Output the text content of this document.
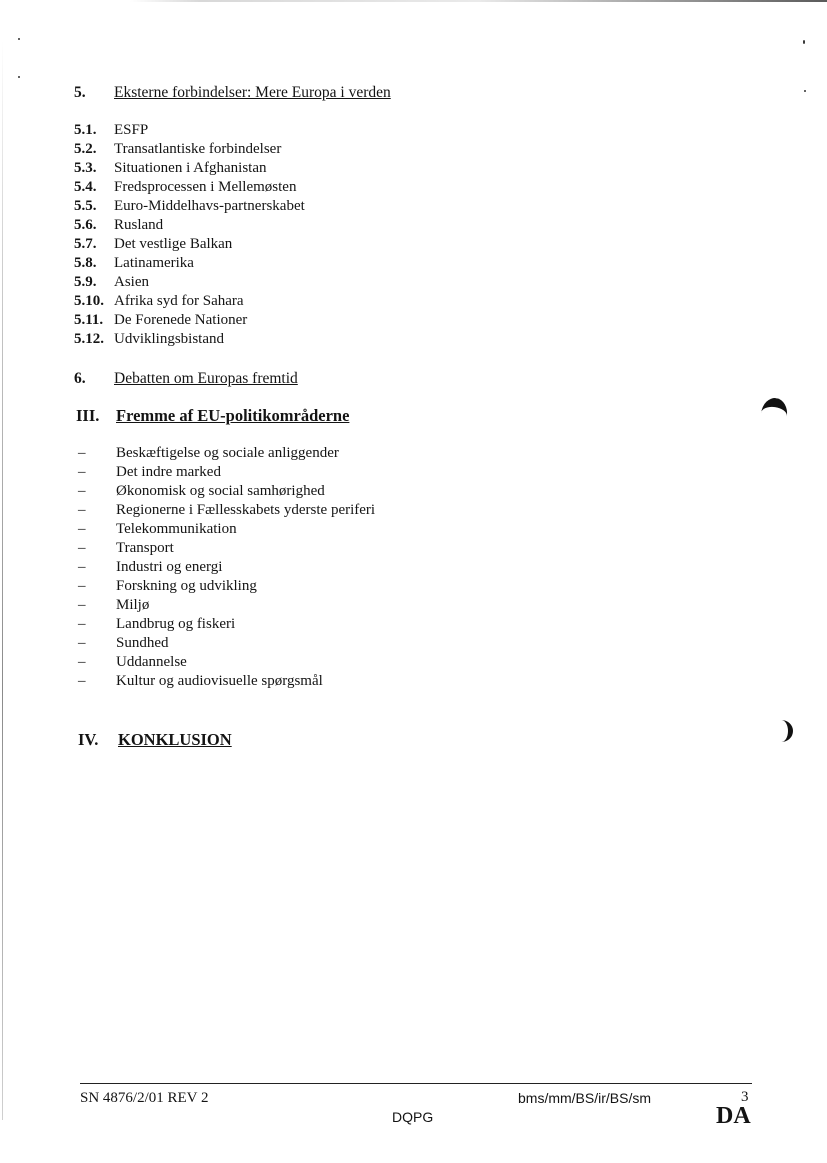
5. Eksterne forbindelser: Mere Europa i verden
5.1. ESFP
5.2. Transatlantiske forbindelser
5.3. Situationen i Afghanistan
5.4. Fredsprocessen i Mellemøsten
5.5. Euro-Middelhavs-partnerskabet
5.6. Rusland
5.7. Det vestlige Balkan
5.8. Latinamerika
5.9. Asien
5.10. Afrika syd for Sahara
5.11. De Forenede Nationer
5.12. Udviklingsbistand
6. Debatten om Europas fremtid
III. Fremme af EU-politikområderne
– Beskæftigelse og sociale anliggender
– Det indre marked
– Økonomisk og social samhørighed
– Regionerne i Fællesskabets yderste periferi
– Telekommunikation
– Transport
– Industri og energi
– Forskning og udvikling
– Miljø
– Landbrug og fiskeri
– Sundhed
– Uddannelse
– Kultur og audiovisuelle spørgsmål
IV. KONKLUSION
SN 4876/2/01 REV 2	bms/mm/BS/ir/BS/sm	3
DQPG	DA
